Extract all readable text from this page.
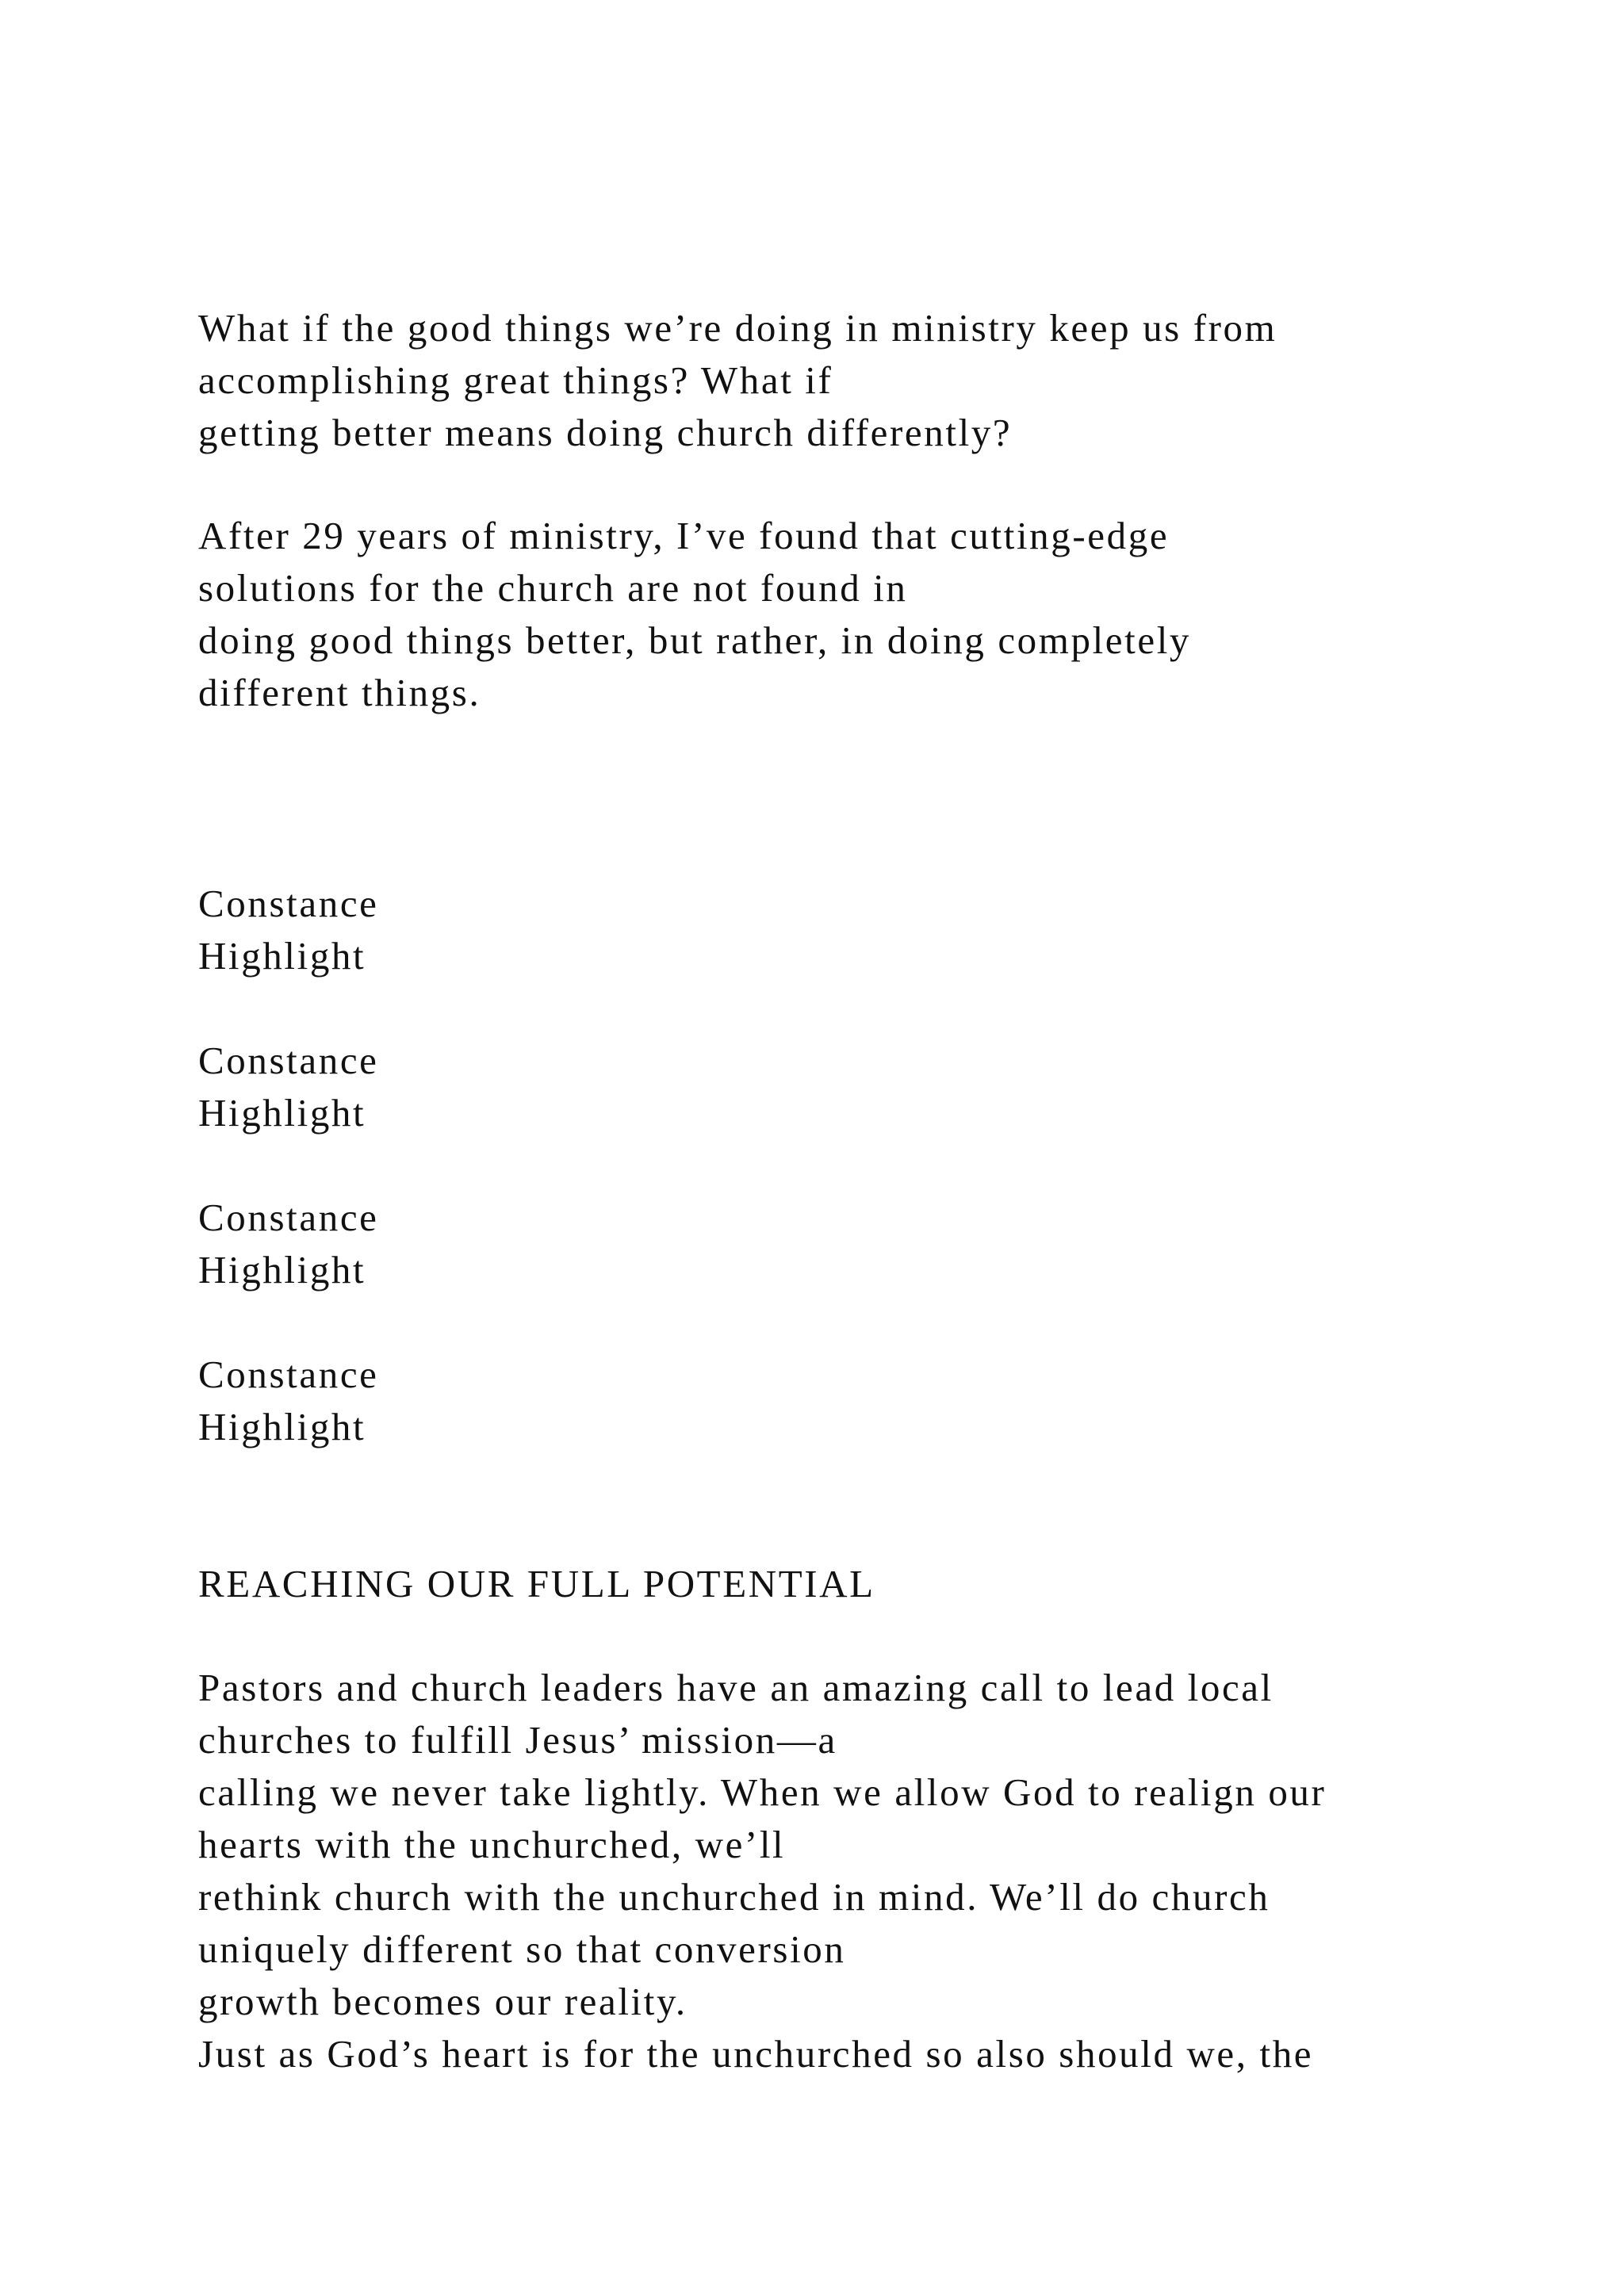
What if the good things we’re doing in ministry keep us from

accomplishing great things? What if

getting better means doing church differently?

After 29 years of ministry, I’ve found that cutting-edge

solutions for the church are not found in

doing good things better, but rather, in doing completely

different things.

Constance

Highlight

Constance

Highlight

Constance

Highlight

Constance

Highlight

REACHING OUR FULL POTENTIAL

Pastors and church leaders have an amazing call to lead local

churches to fulfill Jesus’ mission—a

calling we never take lightly. When we allow God to realign our

hearts with the unchurched, we’ll

rethink church with the unchurched in mind. We’ll do church

uniquely different so that conversion

growth becomes our reality.

Just as God’s heart is for the unchurched so also should we, the
